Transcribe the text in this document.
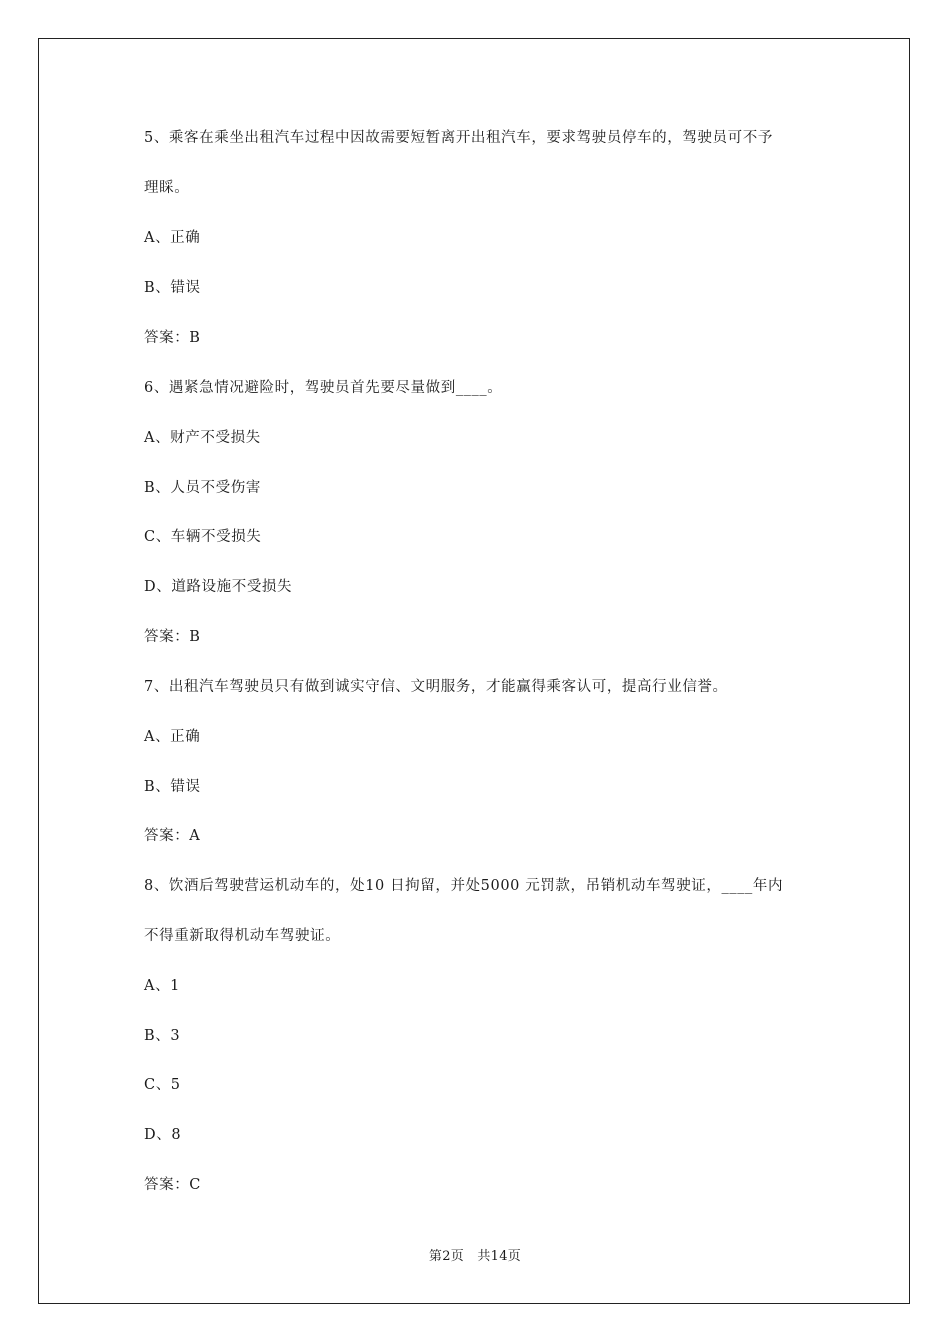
5、乘客在乘坐出租汽车过程中因故需要短暂离开出租汽车，要求驾驶员停车的，驾驶员可不予
理睬。
A、正确
B、错误
答案：B
6、遇紧急情况避险时，驾驶员首先要尽量做到____。
A、财产不受损失
B、人员不受伤害
C、车辆不受损失
D、道路设施不受损失
答案：B
7、出租汽车驾驶员只有做到诚实守信、文明服务，才能赢得乘客认可，提高行业信誉。
A、正确
B、错误
答案：A
8、饮酒后驾驶营运机动车的，处10 日拘留，并处5000 元罚款，吊销机动车驾驶证，____年内
不得重新取得机动车驾驶证。
A、1
B、3
C、5
D、8
答案：C
第2页　共14页
